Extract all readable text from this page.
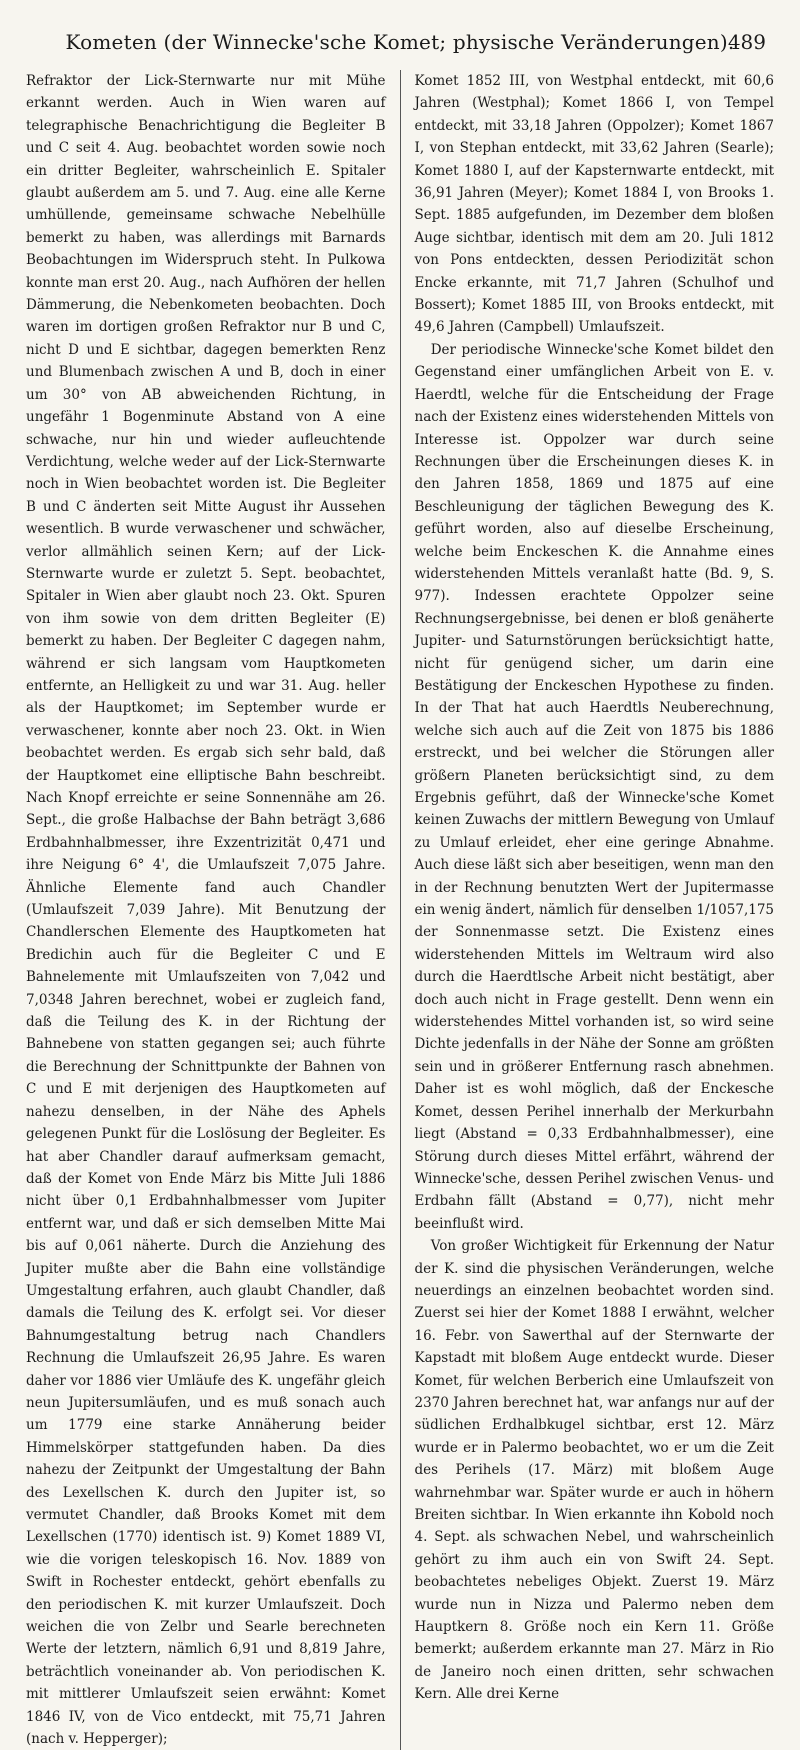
Kometen (der Winnecke'sche Komet; physische Veränderungen).
489

Refraktor der Lick-Sternwarte nur mit Mühe erkannt werden. Auch in Wien waren auf telegraphische Benachrichtigung die Begleiter B und C seit 4. Aug. beobachtet worden sowie noch ein dritter Begleiter, wahrscheinlich E. Spitaler glaubt außerdem am 5. und 7. Aug. eine alle Kerne umhüllende, gemeinsame schwache Nebelhülle bemerkt zu haben, was allerdings mit Barnards Beobachtungen im Widerspruch steht. In Pulkowa konnte man erst 20. Aug., nach Aufhören der hellen Dämmerung, die Nebenkometen beobachten. Doch waren im dortigen großen Refraktor nur B und C, nicht D und E sichtbar, dagegen bemerkten Renz und Blumenbach zwischen A und B, doch in einer um 30° von AB abweichenden Richtung, in ungefähr 1 Bogenminute Abstand von A eine schwache, nur hin und wieder aufleuchtende Verdichtung, welche weder auf der Lick-Sternwarte noch in Wien beobachtet worden ist. Die Begleiter B und C änderten seit Mitte August ihr Aussehen wesentlich. B wurde verwaschener und schwächer, verlor allmählich seinen Kern; auf der Lick-Sternwarte wurde er zuletzt 5. Sept. beobachtet, Spitaler in Wien aber glaubt noch 23. Okt. Spuren von ihm sowie von dem dritten Begleiter (E) bemerkt zu haben. Der Begleiter C dagegen nahm, während er sich langsam vom Hauptkometen entfernte, an Helligkeit zu und war 31. Aug. heller als der Hauptkomet; im September wurde er verwaschener, konnte aber noch 23. Okt. in Wien beobachtet werden. Es ergab sich sehr bald, daß der Hauptkomet eine elliptische Bahn beschreibt. Nach Knopf erreichte er seine Sonnennähe am 26. Sept., die große Halbachse der Bahn beträgt 3,686 Erdbahnhalbmesser, ihre Exzentrizität 0,471 und ihre Neigung 6° 4', die Umlaufszeit 7,075 Jahre. Ähnliche Elemente fand auch Chandler (Umlaufszeit 7,039 Jahre). Mit Benutzung der Chandlerschen Elemente des Hauptkometen hat Bredichin auch für die Begleiter C und E Bahnelemente mit Umlaufszeiten von 7,042 und 7,0348 Jahren berechnet, wobei er zugleich fand, daß die Teilung des K. in der Richtung der Bahnebene von statten gegangen sei; auch führte die Berechnung der Schnittpunkte der Bahnen von C und E mit derjenigen des Hauptkometen auf nahezu denselben, in der Nähe des Aphels gelegenen Punkt für die Loslösung der Begleiter. Es hat aber Chandler darauf aufmerksam gemacht, daß der Komet von Ende März bis Mitte Juli 1886 nicht über 0,1 Erdbahnhalbmesser vom Jupiter entfernt war, und daß er sich demselben Mitte Mai bis auf 0,061 näherte. Durch die Anziehung des Jupiter mußte aber die Bahn eine vollständige Umgestaltung erfahren, auch glaubt Chandler, daß damals die Teilung des K. erfolgt sei. Vor dieser Bahnumgestaltung betrug nach Chandlers Rechnung die Umlaufszeit 26,95 Jahre. Es waren daher vor 1886 vier Umläufe des K. ungefähr gleich neun Jupitersumläufen, und es muß sonach auch um 1779 eine starke Annäherung beider Himmelskörper stattgefunden haben. Da dies nahezu der Zeitpunkt der Umgestaltung der Bahn des Lexellschen K. durch den Jupiter ist, so vermutet Chandler, daß Brooks Komet mit dem Lexellschen (1770) identisch ist. 9) Komet 1889 VI, wie die vorigen teleskopisch 16. Nov. 1889 von Swift in Rochester entdeckt, gehört ebenfalls zu den periodischen K. mit kurzer Umlaufszeit. Doch weichen die von Zelbr und Searle berechneten Werte der letztern, nämlich 6,91 und 8,819 Jahre, beträchtlich voneinander ab. Von periodischen K. mit mittlerer Umlaufszeit seien erwähnt: Komet 1846 IV, von de Vico entdeckt, mit 75,71 Jahren (nach v. Hepperger);

Komet 1852 III, von Westphal entdeckt, mit 60,6 Jahren (Westphal); Komet 1866 I, von Tempel entdeckt, mit 33,18 Jahren (Oppolzer); Komet 1867 I, von Stephan entdeckt, mit 33,62 Jahren (Searle); Komet 1880 I, auf der Kapsternwarte entdeckt, mit 36,91 Jahren (Meyer); Komet 1884 I, von Brooks 1. Sept. 1885 aufgefunden, im Dezember dem bloßen Auge sichtbar, identisch mit dem am 20. Juli 1812 von Pons entdeckten, dessen Periodizität schon Encke erkannte, mit 71,7 Jahren (Schulhof und Bossert); Komet 1885 III, von Brooks entdeckt, mit 49,6 Jahren (Campbell) Umlaufszeit.

Der periodische Winnecke'sche Komet bildet den Gegenstand einer umfänglichen Arbeit von E. v. Haerdtl, welche für die Entscheidung der Frage nach der Existenz eines widerstehenden Mittels von Interesse ist. Oppolzer war durch seine Rechnungen über die Erscheinungen dieses K. in den Jahren 1858, 1869 und 1875 auf eine Beschleunigung der täglichen Bewegung des K. geführt worden, also auf dieselbe Erscheinung, welche beim Enckeschen K. die Annahme eines widerstehenden Mittels veranlaßt hatte (Bd. 9, S. 977). Indessen erachtete Oppolzer seine Rechnungsergebnisse, bei denen er bloß genäherte Jupiter- und Saturnstörungen berücksichtigt hatte, nicht für genügend sicher, um darin eine Bestätigung der Enckeschen Hypothese zu finden. In der That hat auch Haerdtls Neuberechnung, welche sich auch auf die Zeit von 1875 bis 1886 erstreckt, und bei welcher die Störungen aller größern Planeten berücksichtigt sind, zu dem Ergebnis geführt, daß der Winnecke'sche Komet keinen Zuwachs der mittlern Bewegung von Umlauf zu Umlauf erleidet, eher eine geringe Abnahme. Auch diese läßt sich aber beseitigen, wenn man den in der Rechnung benutzten Wert der Jupitermasse ein wenig ändert, nämlich für denselben 1/1057,175 der Sonnenmasse setzt. Die Existenz eines widerstehenden Mittels im Weltraum wird also durch die Haerdtlsche Arbeit nicht bestätigt, aber doch auch nicht in Frage gestellt. Denn wenn ein widerstehendes Mittel vorhanden ist, so wird seine Dichte jedenfalls in der Nähe der Sonne am größten sein und in größerer Entfernung rasch abnehmen. Daher ist es wohl möglich, daß der Enckesche Komet, dessen Perihel innerhalb der Merkurbahn liegt (Abstand = 0,33 Erdbahnhalbmesser), eine Störung durch dieses Mittel erfährt, während der Winnecke'sche, dessen Perihel zwischen Venus- und Erdbahn fällt (Abstand = 0,77), nicht mehr beeinflußt wird.

Von großer Wichtigkeit für Erkennung der Natur der K. sind die physischen Veränderungen, welche neuerdings an einzelnen beobachtet worden sind. Zuerst sei hier der Komet 1888 I erwähnt, welcher 16. Febr. von Sawerthal auf der Sternwarte der Kapstadt mit bloßem Auge entdeckt wurde. Dieser Komet, für welchen Berberich eine Umlaufszeit von 2370 Jahren berechnet hat, war anfangs nur auf der südlichen Erdhalbkugel sichtbar, erst 12. März wurde er in Palermo beobachtet, wo er um die Zeit des Perihels (17. März) mit bloßem Auge wahrnehmbar war. Später wurde er auch in höhern Breiten sichtbar. In Wien erkannte ihn Kobold noch 4. Sept. als schwachen Nebel, und wahrscheinlich gehört zu ihm auch ein von Swift 24. Sept. beobachtetes nebeliges Objekt. Zuerst 19. März wurde nun in Nizza und Palermo neben dem Hauptkern 8. Größe noch ein Kern 11. Größe bemerkt; außerdem erkannte man 27. März in Rio de Janeiro noch einen dritten, sehr schwachen Kern. Alle drei Kerne
